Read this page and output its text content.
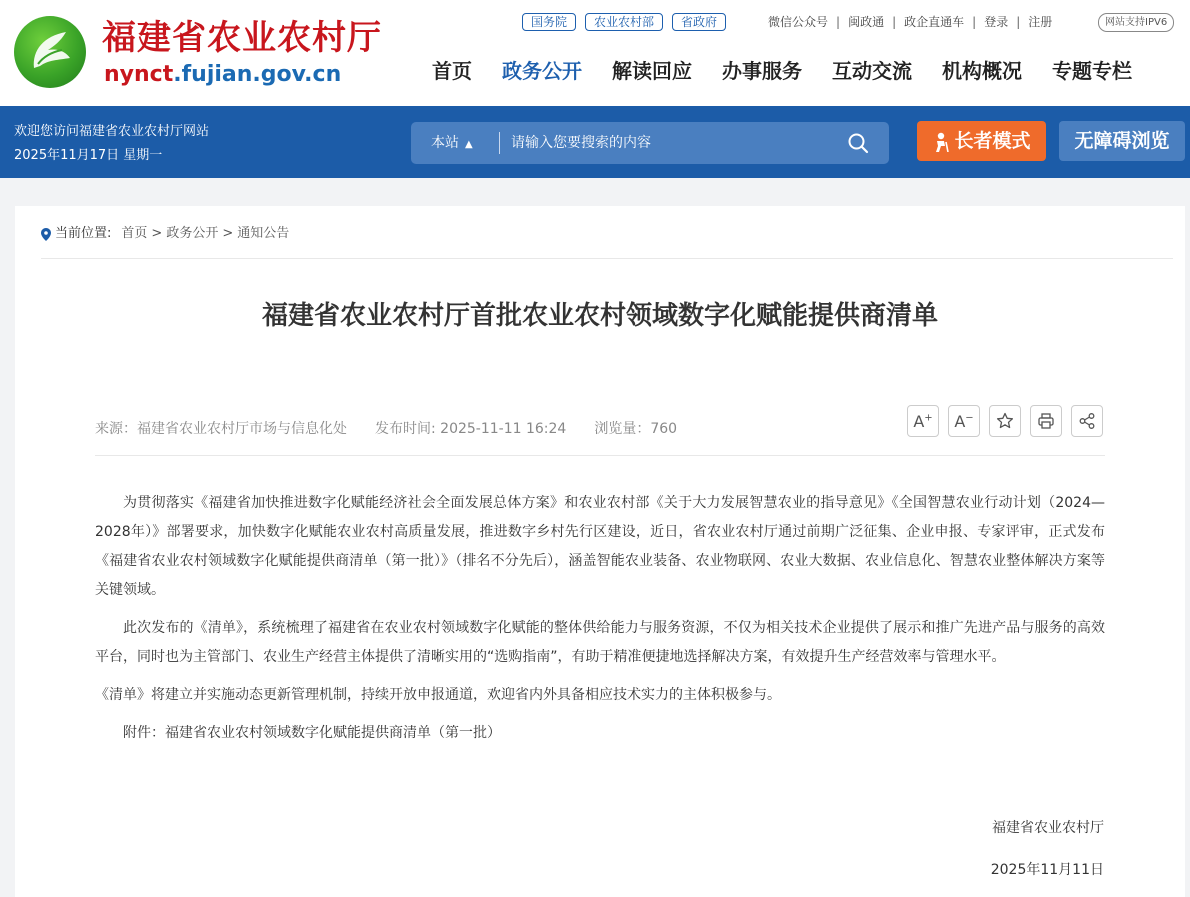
福建省农业农村厅
nynct.fujian.gov.cn
国务院	农业农村部	省政府	微信公众号 | 闽政通 | 政企直通车 | 登录 | 注册	网站支持IPV6
首页 政务公开 解读回应 办事服务 互动交流 机构概况 专题专栏
欢迎您访问福建省农业农村厅网站
2025年11月17日 星期一
本站 ▲

请输入您要搜索的内容	长者模式	无障碍浏览
当前位置: 首页 > 政务公开 > 通知公告
福建省农业农村厅首批农业农村领域数字化赋能提供商清单
来源：福建省农业农村厅市场与信息化处 发布时间: 2025-11-11 16:24 浏览量：760	A+ A−

为贯彻落实《福建省加快推进数字化赋能经济社会全面发展总体方案》和农业农村部《关于大力发展智慧农业的指导意见》《全国智慧农业行动计划（2024—2028年）》部署要求，加快数字化赋能农业农村高质量发展，推进数字乡村先行区建设，近日，省农业农村厅通过前期广泛征集、企业申报、专家评审，正式发布《福建省农业农村领域数字化赋能提供商清单（第一批）》（排名不分先后），涵盖智能农业装备、农业物联网、农业大数据、农业信息化、智慧农业整体解决方案等关键领域。

此次发布的《清单》，系统梳理了福建省在农业农村领域数字化赋能的整体供给能力与服务资源，不仅为相关技术企业提供了展示和推广先进产品与服务的高效平台，同时也为主管部门、农业生产经营主体提供了清晰实用的“选购指南”，有助于精准便捷地选择解决方案，有效提升生产经营效率与管理水平。

《清单》将建立并实施动态更新管理机制，持续开放申报通道，欢迎省内外具备相应技术实力的主体积极参与。

附件：福建省农业农村领域数字化赋能提供商清单（第一批）

福建省农业农村厅
2025年11月11日
